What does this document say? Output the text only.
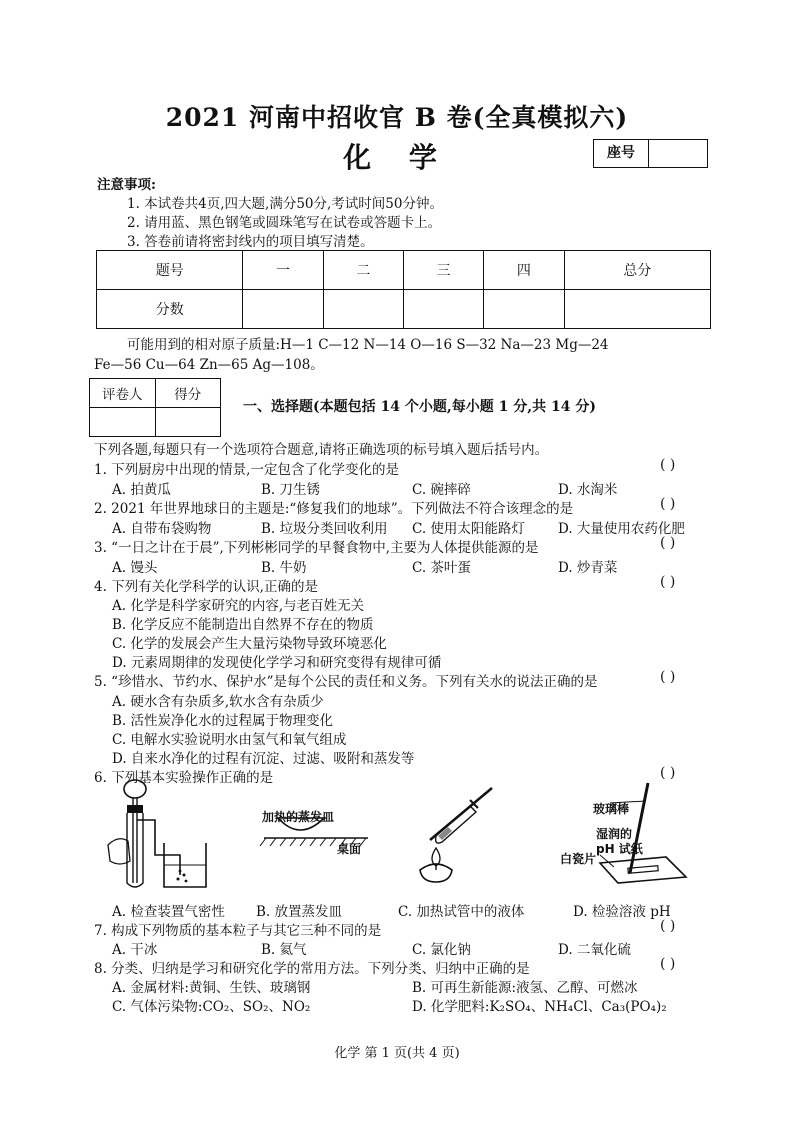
2021 河南中招收官 B 卷(全真模拟六)
化 学	座号
注意事项:
1. 本试卷共4页,四大题,满分50分,考试时间50分钟。
2. 请用蓝、黑色钢笔或圆珠笔写在试卷或答题卡上。
3. 答卷前请将密封线内的项目填写清楚。
题号	一	二	三	四	总分
分数					
可能用到的相对原子质量:H—1 C—12 N—14 O—16 S—32 Na—23 Mg—24
Fe—56 Cu—64 Zn—65 Ag—108。
评卷人	得分

一、选择题(本题包括 14 个小题,每小题 1 分,共 14 分)
下列各题,每题只有一个选项符合题意,请将正确选项的标号填入题后括号内。
1. 下列厨房中出现的情景,一定包含了化学变化的是	( )
A. 拍黄瓜	B. 刀生锈	C. 碗摔碎	D. 水淘米
2. 2021 年世界地球日的主题是:“修复我们的地球”。下列做法不符合该理念的是	( )
A. 自带布袋购物	B. 垃圾分类回收利用 C. 使用太阳能路灯 D. 大量使用农药化肥
3. “一日之计在于晨”,下列彬彬同学的早餐食物中,主要为人体提供能源的是	( )
A. 馒头	B. 牛奶	C. 茶叶蛋	D. 炒青菜
4. 下列有关化学科学的认识,正确的是	( )
A. 化学是科学家研究的内容,与老百姓无关
B. 化学反应不能制造出自然界不存在的物质
C. 化学的发展会产生大量污染物导致环境恶化
D. 元素周期律的发现使化学学习和研究变得有规律可循
5. “珍惜水、节约水、保护水”是每个公民的责任和义务。下列有关水的说法正确的是	( )
A. 硬水含有杂质多,软水含有杂质少
B. 活性炭净化水的过程属于物理变化
C. 电解水实验说明水由氢气和氧气组成
D. 自来水净化的过程有沉淀、过滤、吸附和蒸发等
6. 下列基本实验操作正确的是	( )
加热的蒸发皿
桌面
玻璃棒
湿润的
pH 试纸
白瓷片
A. 检查装置气密性 B. 放置蒸发皿	C. 加热试管中的液体	D. 检验溶液 pH
7. 构成下列物质的基本粒子与其它三种不同的是	( )
A. 干冰	B. 氦气	C. 氯化钠	D. 二氧化硫
8. 分类、归纳是学习和研究化学的常用方法。下列分类、归纳中正确的是	( )
A. 金属材料:黄铜、生铁、玻璃钢	B. 可再生新能源:液氢、乙醇、可燃冰
C. 气体污染物:CO₂、SO₂、NO₂	D. 化学肥料:K₂SO₄、NH₄Cl、Ca₃(PO₄)₂
化学 第 1 页(共 4 页)
